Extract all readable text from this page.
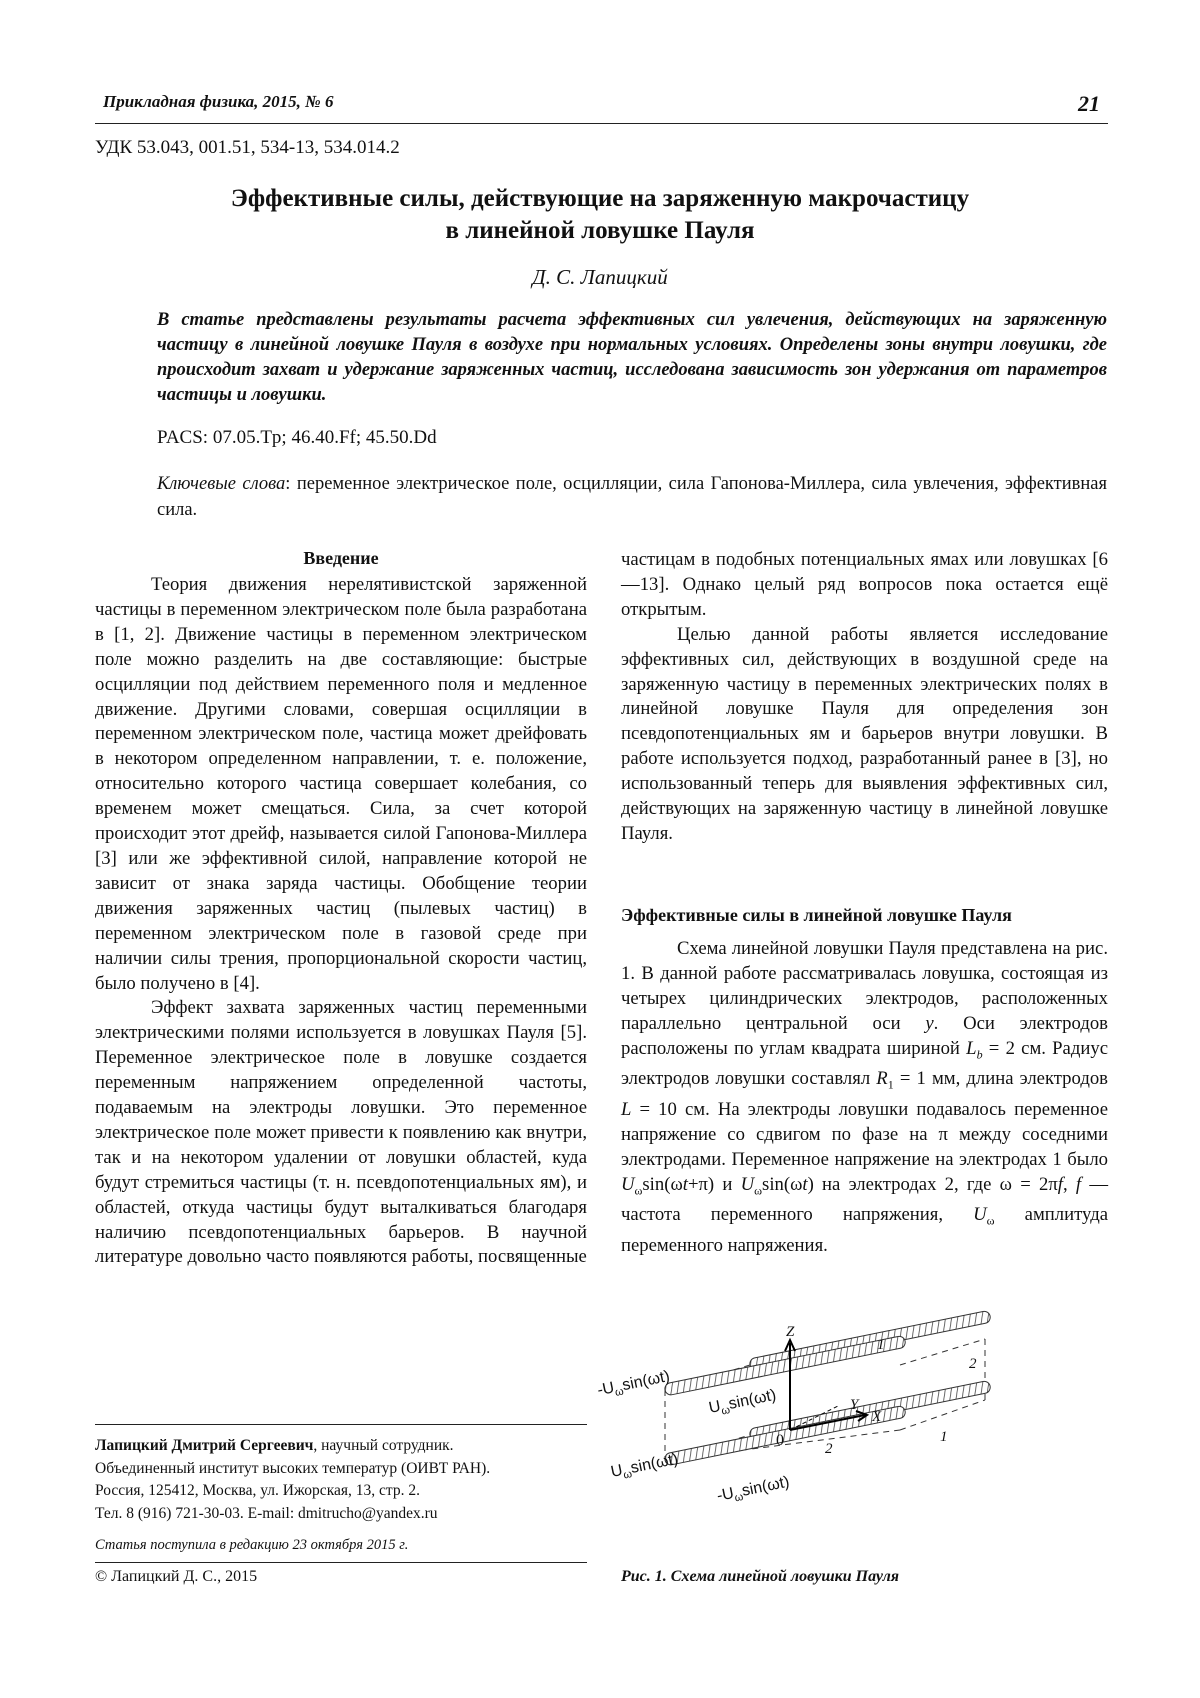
Прикладная физика, 2015, № 6	21
УДК 53.043, 001.51, 534-13, 534.014.2
Эффективные силы, действующие на заряженную макрочастицу
в линейной ловушке Пауля
Д. С. Лапицкий

В статье представлены результаты расчета эффективных сил увлечения, действующих на заряженную частицу в линейной ловушке Пауля в воздухе при нормальных условиях. Определены зоны внутри ловушки, где происходит захват и удержание заряженных частиц, исследована зависимость зон удержания от параметров частицы и ловушки.

PACS: 07.05.Tp; 46.40.Ff; 45.50.Dd
Ключевые слова: переменное электрическое поле, осцилляции, сила Гапонова-Миллера, сила увлечения, эффективная сила.
Введение

Теория движения нерелятивистской заряженной частицы в переменном электрическом поле была разработана в [1, 2]. Движение частицы в переменном электрическом поле можно разделить на две составляющие: быстрые осцилляции под действием переменного поля и медленное движение. Другими словами, совершая осцилляции в переменном электрическом поле, частица может дрейфовать в некотором определенном направлении, т. е. положение, относительно которого частица совершает колебания, со временем может смещаться. Сила, за счет которой происходит этот дрейф, называется силой Гапонова-Миллера [3] или же эффективной силой, направление которой не зависит от знака заряда частицы. Обобщение теории движения заряженных частиц (пылевых частиц) в переменном электрическом поле в газовой среде при наличии силы трения, пропорциональной скорости частиц, было получено в [4].

Эффект захвата заряженных частиц переменными электрическими полями используется в ловушках Пауля [5]. Переменное электрическое поле в ловушке создается переменным напряжением определенной частоты, подаваемым на электроды ловушки. Это переменное электрическое поле может привести к появлению как внутри, так и на некотором удалении от ловушки областей, куда будут стремиться частицы (т. н. псевдопотенциальных ям), и областей, откуда частицы будут выталкиваться благодаря наличию псевдопотенциальных барьеров. В научной литературе довольно часто появляются работы, посвященные

частицам в подобных потенциальных ямах или ловушках [6—13]. Однако целый ряд вопросов пока остается ещё открытым.

Целью данной работы является исследование эффективных сил, действующих в воздушной среде на заряженную частицу в переменных электрических полях в линейной ловушке Пауля для определения зон псевдопотенциальных ям и барьеров внутри ловушки. В работе используется подход, разработанный ранее в [3], но использованный теперь для выявления эффективных сил, действующих на заряженную частицу в линейной ловушке Пауля.

Эффективные силы в линейной ловушке Пауля

Схема линейной ловушки Пауля представлена на рис. 1. В данной работе рассматривалась ловушка, состоящая из четырех цилиндрических электродов, расположенных параллельно центральной оси y. Оси электродов расположены по углам квадрата шириной $L_b = 2$ см. Радиус электродов ловушки составлял $R_1 = 1$ мм, длина электродов L = 10 см. На электроды ловушки подавалось переменное напряжение со сдвигом по фазе на π между соседними электродами. Переменное напряжение на электродах 1 было $U_\omega\sin(\omega t+\pi)$ и $U_\omega\sin(\omega t)$ на электродах 2, где ω = 2πf, f — частота переменного напряжения, $U_\omega$ амплитуда переменного напряжения.

Z
Y
X
0
1
2
2
1
$-U_\omega\sin(\omega t)$
$U_\omega\sin(\omega t)$
$U_\omega\sin(\omega t)$
$-U_\omega\sin(\omega t)$
Лапицкий Дмитрий Сергеевич, научный сотрудник.
Объединенный институт высоких температур (ОИВТ РАН).
Россия, 125412, Москва, ул. Ижорская, 13, стр. 2.
Тел. 8 (916) 721-30-03. E-mail: dmitrucho@yandex.ru
Статья поступила в редакцию 23 октября 2015 г.
© Лапицкий Д. С., 2015	Рис. 1. Схема линейной ловушки Пауля
